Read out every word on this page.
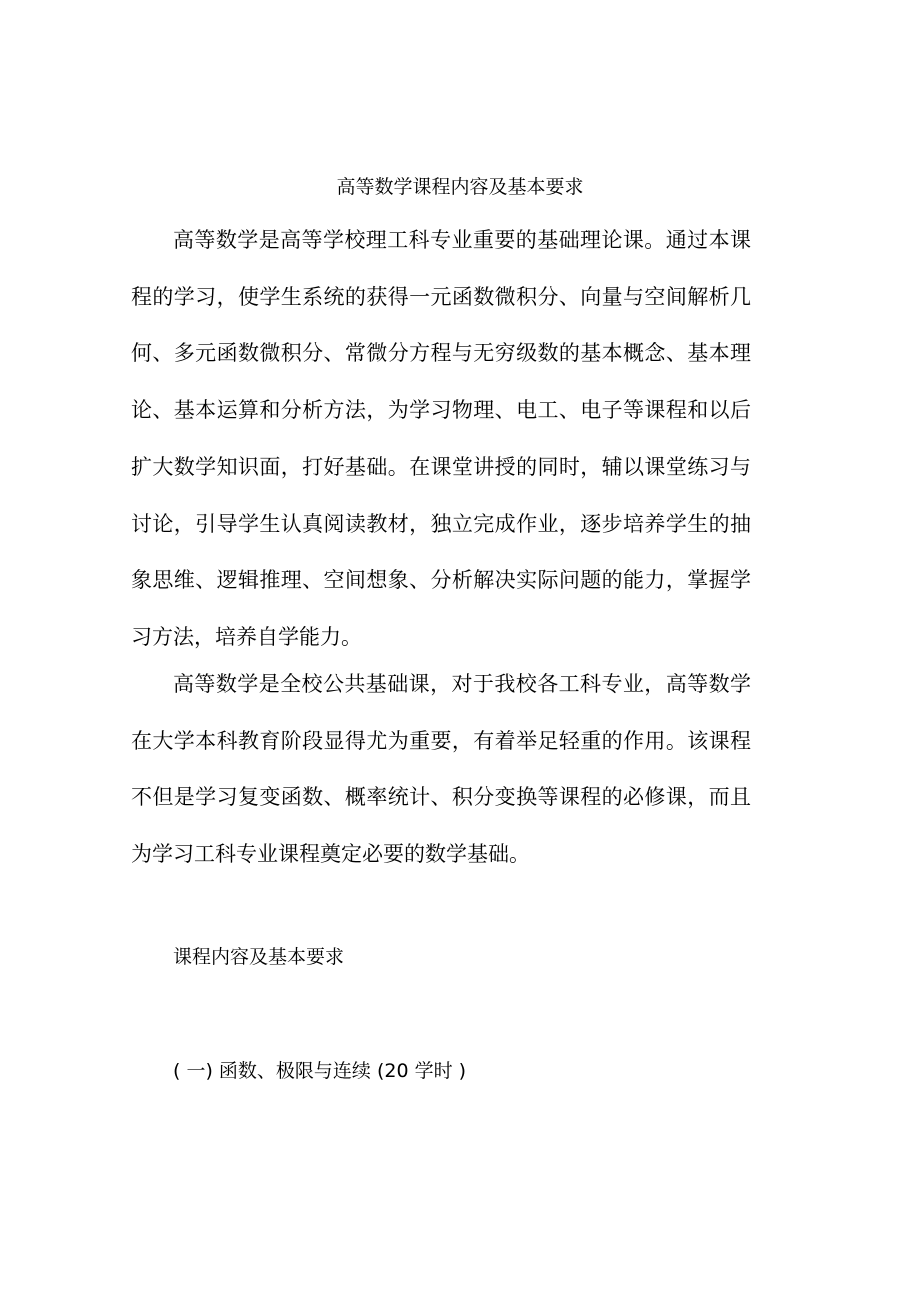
高等数学课程内容及基本要求

高等数学是高等学校理工科专业重要的基础理论课。通过本课程的学习，使学生系统的获得一元函数微积分、向量与空间解析几何、多元函数微积分、常微分方程与无穷级数的基本概念、基本理论、基本运算和分析方法，为学习物理、电工、电子等课程和以后扩大数学知识面，打好基础。在课堂讲授的同时，辅以课堂练习与讨论，引导学生认真阅读教材，独立完成作业，逐步培养学生的抽象思维、逻辑推理、空间想象、分析解决实际问题的能力，掌握学习方法，培养自学能力。

高等数学是全校公共基础课，对于我校各工科专业，高等数学在大学本科教育阶段显得尤为重要，有着举足轻重的作用。该课程不但是学习复变函数、概率统计、积分变换等课程的必修课，而且为学习工科专业课程奠定必要的数学基础。

课程内容及基本要求
( 一) 函数、极限与连续 (20 学时 )
